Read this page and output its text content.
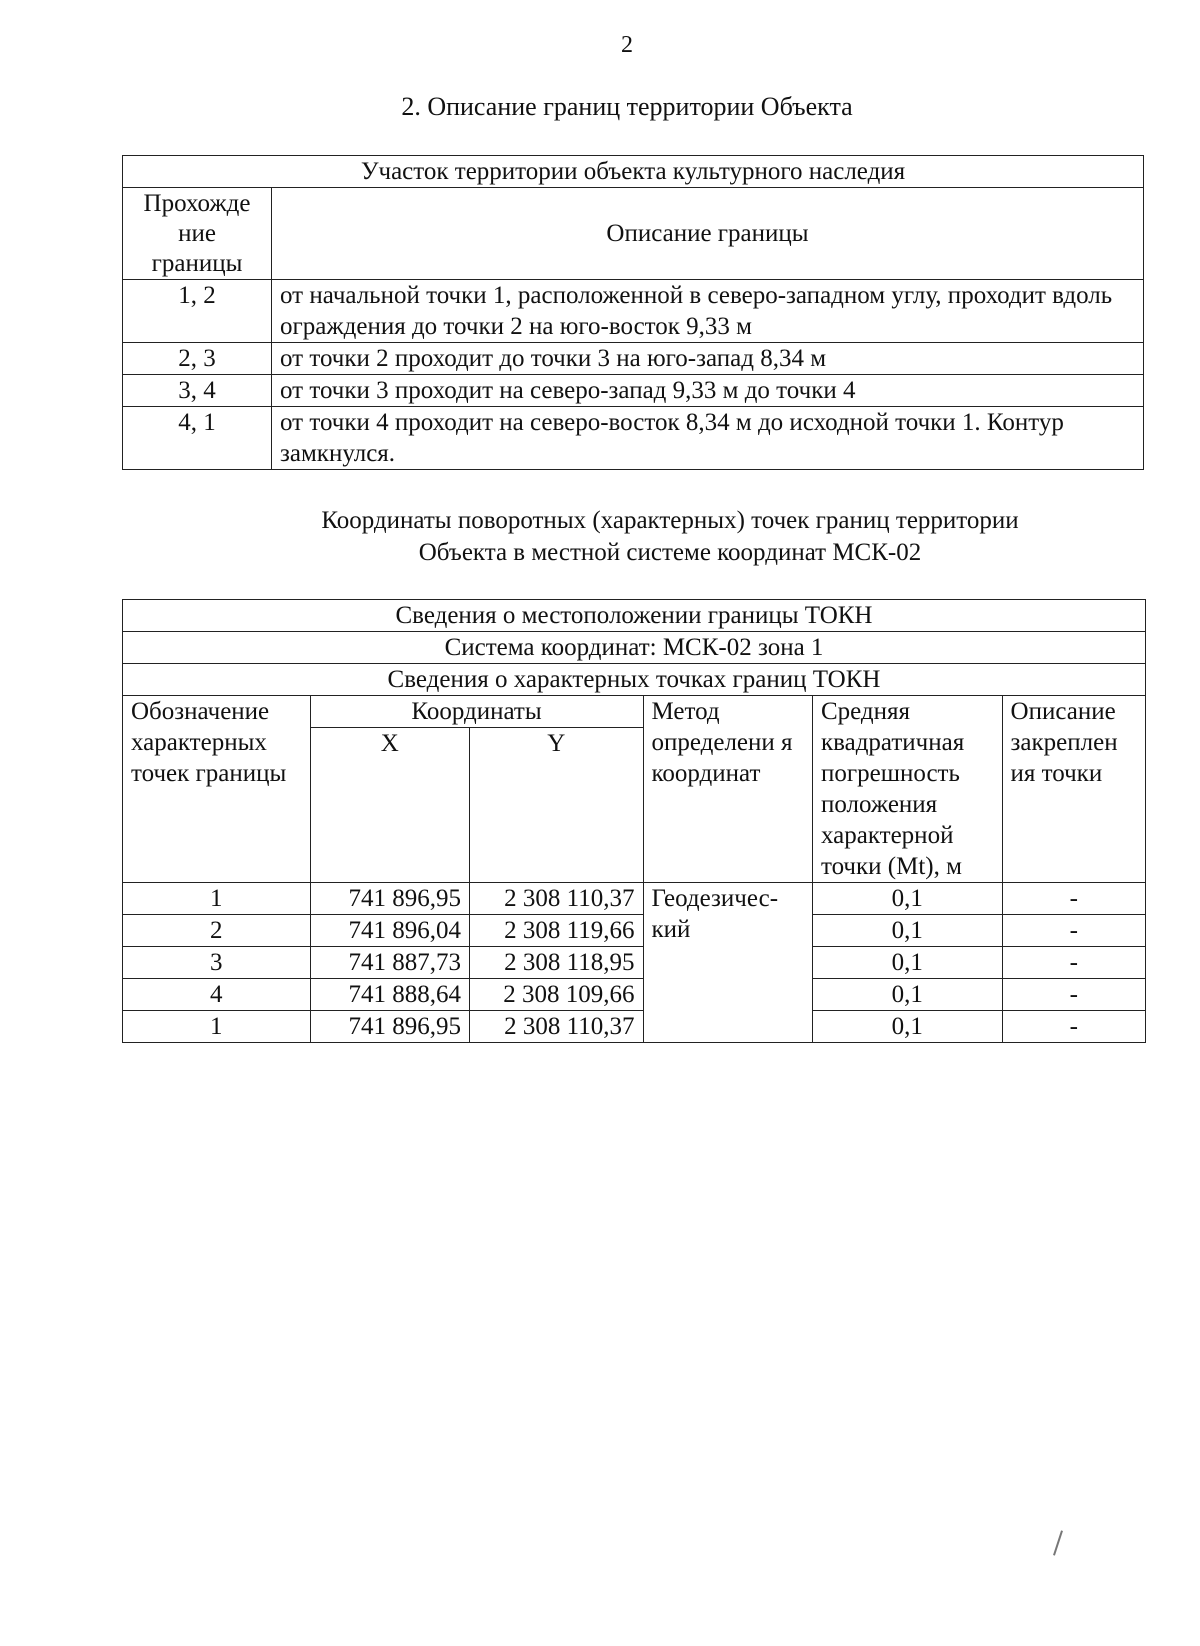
2
2. Описание границ территории Объекта
Участок территории объекта культурного наследия	
Прохожде ние границы	Описание границы
1, 2	от начальной точки 1, расположенной в северо-западном углу, проходит вдоль ограждения до точки 2 на юго-восток 9,33 м
2, 3	от точки 2 проходит до точки 3 на юго-запад 8,34 м
3, 4	от точки 3 проходит на северо-запад 9,33 м до точки 4
4, 1	от точки 4 проходит на северо-восток 8,34 м до исходной точки 1. Контур замкнулся.
Координаты поворотных (характерных) точек границ территории
Объекта в местной системе координат МСК-02
Сведения о местоположении границы ТОКН					
Система координат: МСК-02 зона 1					
Сведения о характерных точках границ ТОКН					
Обозначение характерных точек границы	Координаты		Метод определени я координат	Средняя квадратичная погрешность положения характерной точки (Mt), м	Описание закреплен ия точки
	X	Y			
1	741 896,95	2 308 110,37	Геодезичес- кий	0,1	-
2	741 896,04	2 308 119,66		0,1	-
3	741 887,73	2 308 118,95		0,1	-
4	741 888,64	2 308 109,66		0,1	-
1	741 896,95	2 308 110,37		0,1	-
